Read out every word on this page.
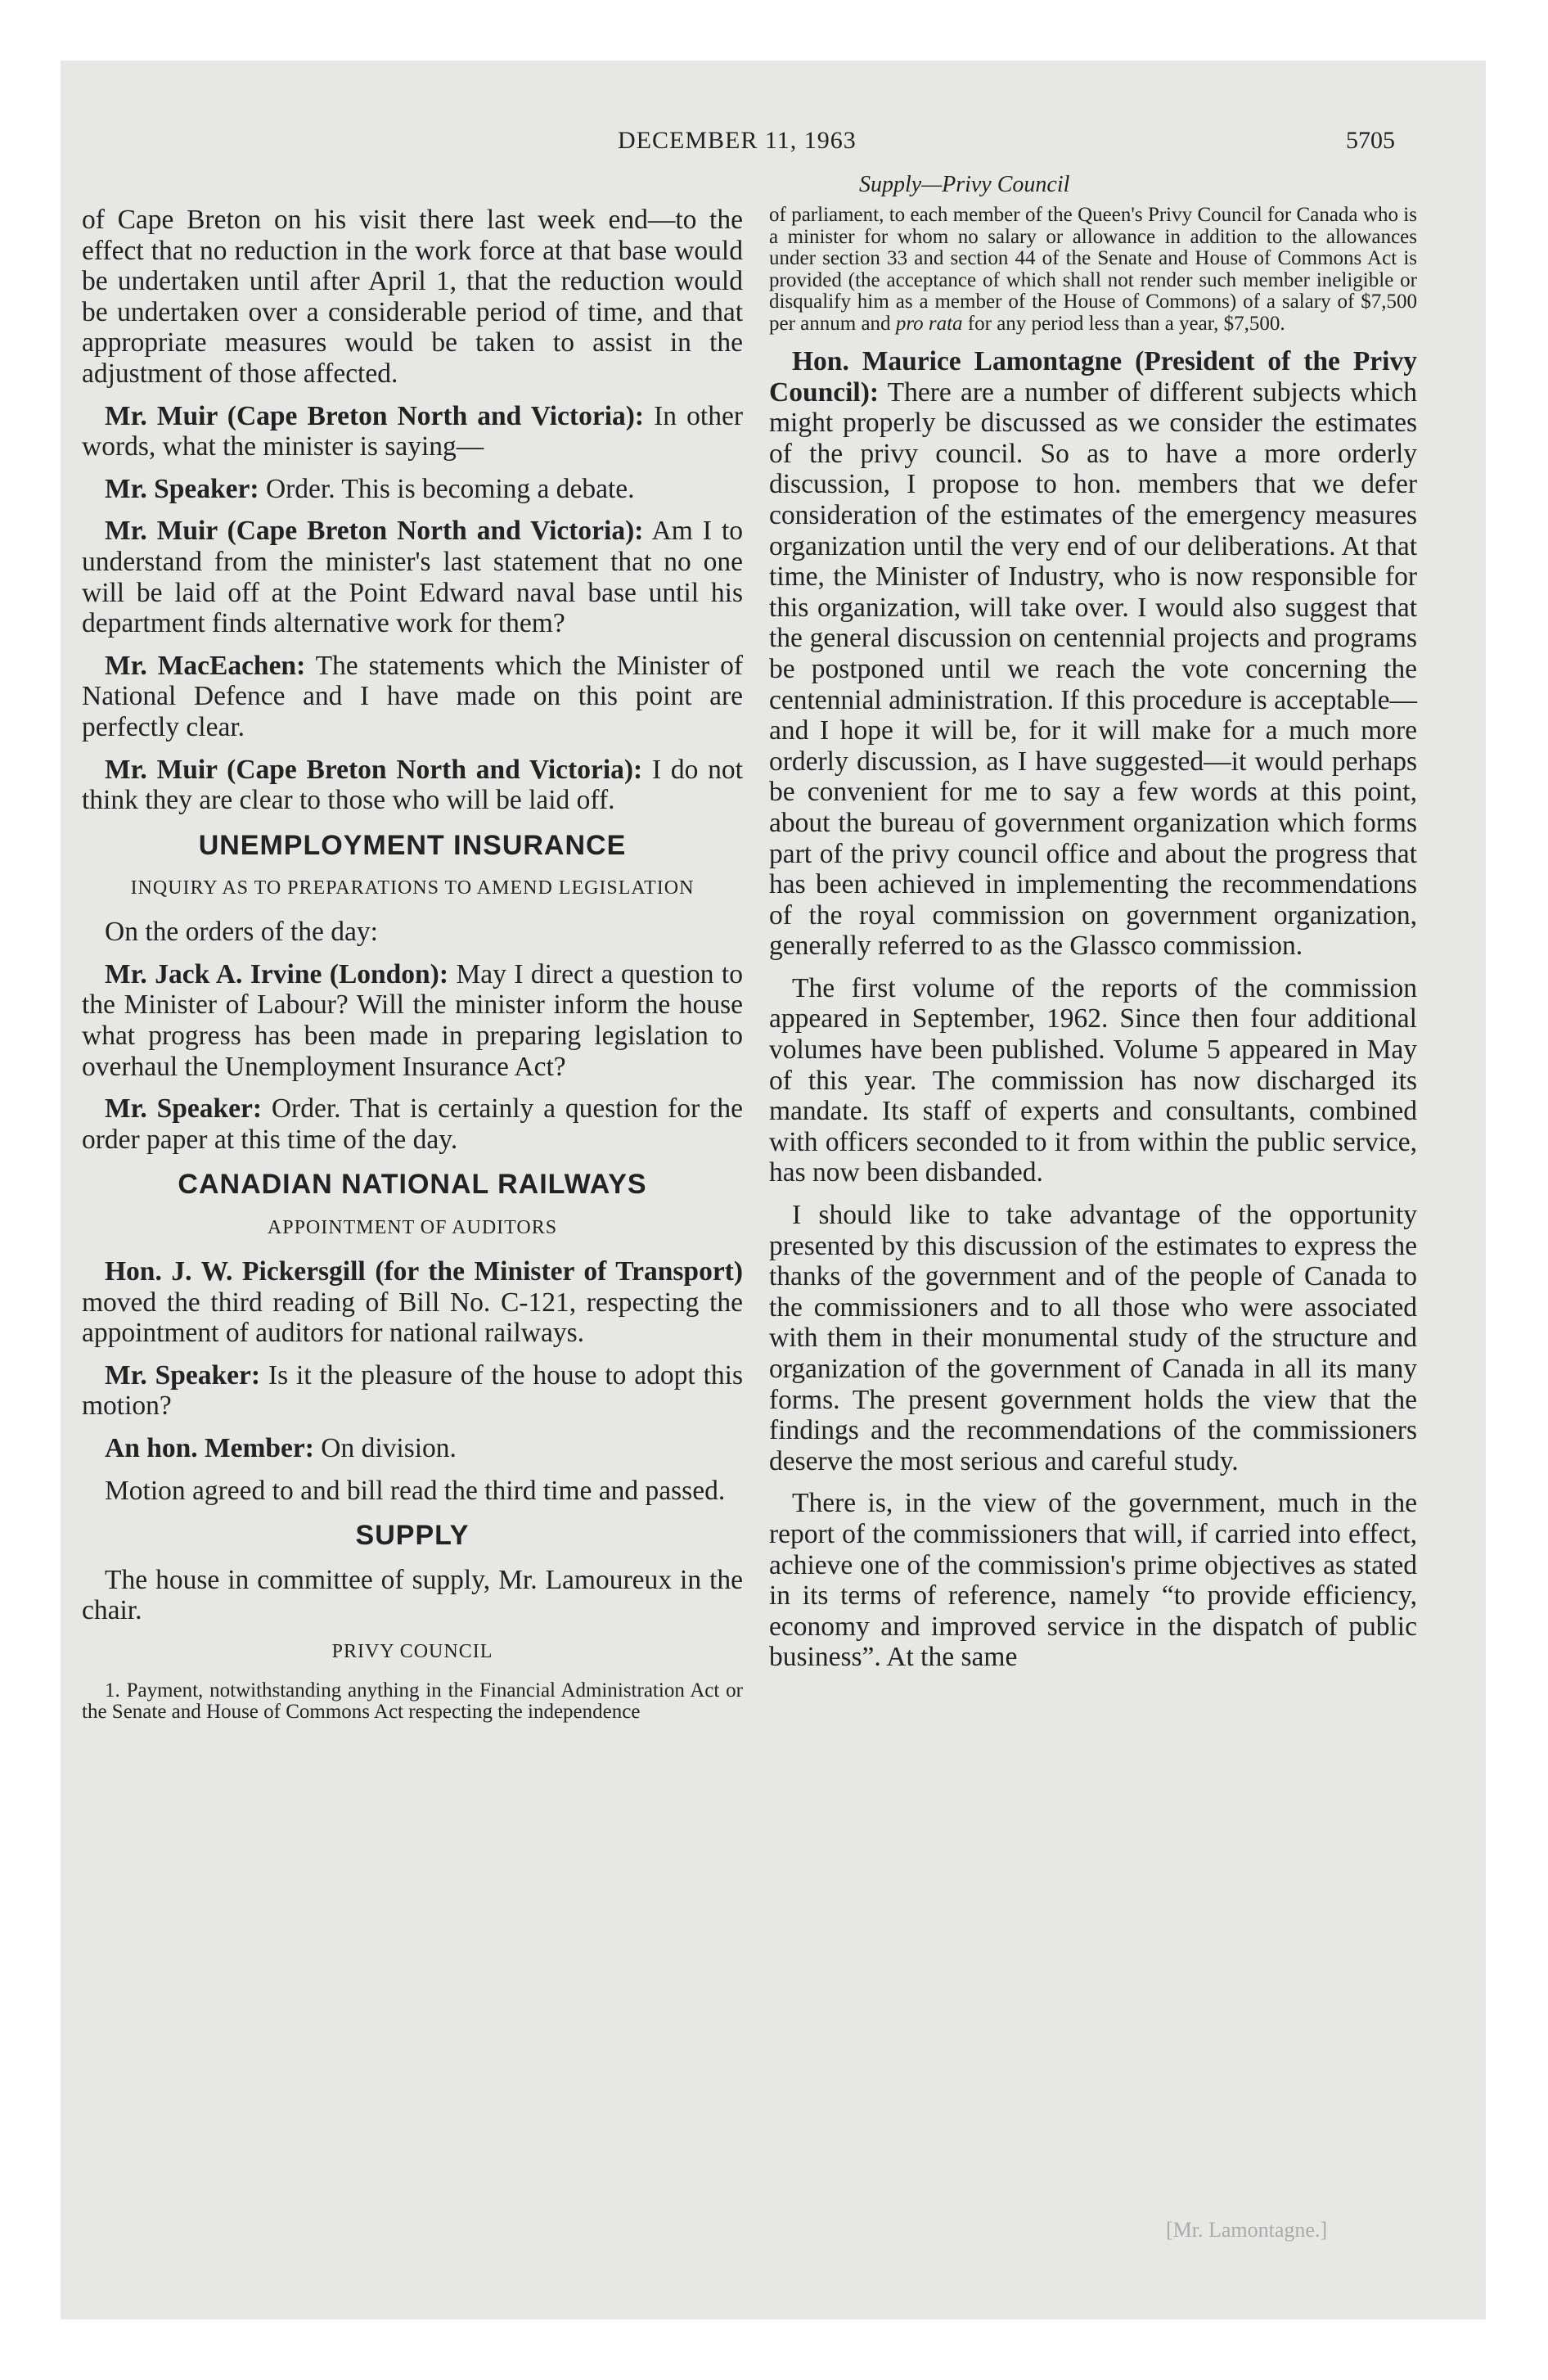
DECEMBER 11, 1963	5705
Supply—Privy Council

of Cape Breton on his visit there last week end—to the effect that no reduction in the work force at that base would be undertaken until after April 1, that the reduction would be undertaken over a considerable period of time, and that appropriate measures would be taken to assist in the adjustment of those affected.

Mr. Muir (Cape Breton North and Victoria): In other words, what the minister is saying—

Mr. Speaker: Order. This is becoming a debate.

Mr. Muir (Cape Breton North and Victoria): Am I to understand from the minister's last statement that no one will be laid off at the Point Edward naval base until his department finds alternative work for them?

Mr. MacEachen: The statements which the Minister of National Defence and I have made on this point are perfectly clear.

Mr. Muir (Cape Breton North and Victoria): I do not think they are clear to those who will be laid off.

UNEMPLOYMENT INSURANCE
INQUIRY AS TO PREPARATIONS TO AMEND LEGISLATION

On the orders of the day:

Mr. Jack A. Irvine (London): May I direct a question to the Minister of Labour? Will the minister inform the house what progress has been made in preparing legislation to overhaul the Unemployment Insurance Act?

Mr. Speaker: Order. That is certainly a question for the order paper at this time of the day.

CANADIAN NATIONAL RAILWAYS
APPOINTMENT OF AUDITORS

Hon. J. W. Pickersgill (for the Minister of Transport) moved the third reading of Bill No. C-121, respecting the appointment of auditors for national railways.

Mr. Speaker: Is it the pleasure of the house to adopt this motion?

An hon. Member: On division.

Motion agreed to and bill read the third time and passed.

SUPPLY

The house in committee of supply, Mr. Lamoureux in the chair.

PRIVY COUNCIL

1. Payment, notwithstanding anything in the Financial Administration Act or the Senate and House of Commons Act respecting the independence

of parliament, to each member of the Queen's Privy Council for Canada who is a minister for whom no salary or allowance in addition to the allowances under section 33 and section 44 of the Senate and House of Commons Act is provided (the acceptance of which shall not render such member ineligible or disqualify him as a member of the House of Commons) of a salary of $7,500 per annum and pro rata for any period less than a year, $7,500.

Hon. Maurice Lamontagne (President of the Privy Council): There are a number of different subjects which might properly be discussed as we consider the estimates of the privy council. So as to have a more orderly discussion, I propose to hon. members that we defer consideration of the estimates of the emergency measures organization until the very end of our deliberations. At that time, the Minister of Industry, who is now responsible for this organization, will take over. I would also suggest that the general discussion on centennial projects and programs be postponed until we reach the vote concerning the centennial administration. If this procedure is acceptable—and I hope it will be, for it will make for a much more orderly discussion, as I have suggested—it would perhaps be convenient for me to say a few words at this point, about the bureau of government organization which forms part of the privy council office and about the progress that has been achieved in implementing the recommendations of the royal commission on government organization, generally referred to as the Glassco commission.

The first volume of the reports of the commission appeared in September, 1962. Since then four additional volumes have been published. Volume 5 appeared in May of this year. The commission has now discharged its mandate. Its staff of experts and consultants, combined with officers seconded to it from within the public service, has now been disbanded.

I should like to take advantage of the opportunity presented by this discussion of the estimates to express the thanks of the government and of the people of Canada to the commissioners and to all those who were associated with them in their monumental study of the structure and organization of the government of Canada in all its many forms. The present government holds the view that the findings and the recommendations of the commissioners deserve the most serious and careful study.

There is, in the view of the government, much in the report of the commissioners that will, if carried into effect, achieve one of the commission's prime objectives as stated in its terms of reference, namely “to provide efficiency, economy and improved service in the dispatch of public business”. At the same

[Mr. Lamontagne.]
